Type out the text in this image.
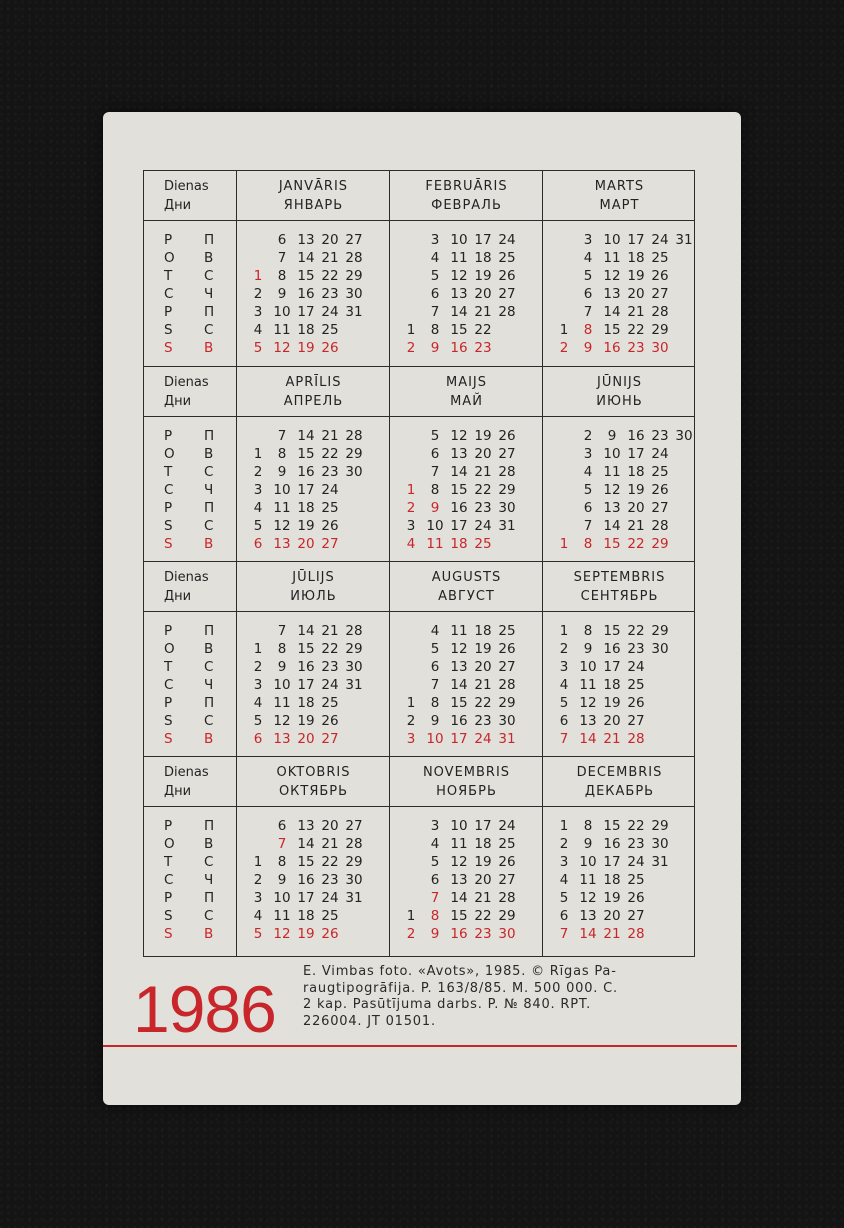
Dienas
Дни
P П
O В
T С
C Ч
P П
S С
S В
JANVĀRIS
ЯНВАРЬ
1
2
3
4
5
6
7
8
9
10
11
12
13
14
15
16
17
18
19
20
21
22
23
24
25
26
27
28
29
30
31
FEBRUĀRIS
ФЕВРАЛЬ
1
2
3
4
5
6
7
8
9
10
11
12
13
14
15
16
17
18
19
20
21
22
23
24
25
26
27
28
MARTS
МАРТ
1
2
3
4
5
6
7
8
9
10
11
12
13
14
15
16
17
18
19
20
21
22
23
24
25
26
27
28
29
30
31
Dienas
Дни
P П
O В
T С
C Ч
P П
S С
S В
APRĪLIS
АПРЕЛЬ
1
2
3
4
5
6
7
8
9
10
11
12
13
14
15
16
17
18
19
20
21
22
23
24
25
26
27
28
29
30
MAIJS
МАЙ
1
2
3
4
5
6
7
8
9
10
11
12
13
14
15
16
17
18
19
20
21
22
23
24
25
26
27
28
29
30
31
JŪNIJS
ИЮНЬ
1
2
3
4
5
6
7
8
9
10
11
12
13
14
15
16
17
18
19
20
21
22
23
24
25
26
27
28
29
30
Dienas
Дни
P П
O В
T С
C Ч
P П
S С
S В
JŪLIJS
ИЮЛЬ
1
2
3
4
5
6
7
8
9
10
11
12
13
14
15
16
17
18
19
20
21
22
23
24
25
26
27
28
29
30
31
AUGUSTS
АВГУСТ
1
2
3
4
5
6
7
8
9
10
11
12
13
14
15
16
17
18
19
20
21
22
23
24
25
26
27
28
29
30
31
SEPTEMBRIS
СЕНТЯБРЬ
1
2
3
4
5
6
7
8
9
10
11
12
13
14
15
16
17
18
19
20
21
22
23
24
25
26
27
28
29
30
Dienas
Дни
P П
O В
T С
C Ч
P П
S С
S В
OKTOBRIS
ОКТЯБРЬ
1
2
3
4
5
6
7
8
9
10
11
12
13
14
15
16
17
18
19
20
21
22
23
24
25
26
27
28
29
30
31
NOVEMBRIS
НОЯБРЬ
1
2
3
4
5
6
7
8
9
10
11
12
13
14
15
16
17
18
19
20
21
22
23
24
25
26
27
28
29
30
DECEMBRIS
ДЕКАБРЬ
1
2
3
4
5
6
7
8
9
10
11
12
13
14
15
16
17
18
19
20
21
22
23
24
25
26
27
28
29
30
31
1986
E. Vimbas foto. «Avots», 1985. © Rīgas Pa-
raugtipogrāfija. P. 163/8/85. M. 500 000. C.
2 kap. Pasūtījuma darbs. P. № 840. RPT.
226004. JT 01501.
